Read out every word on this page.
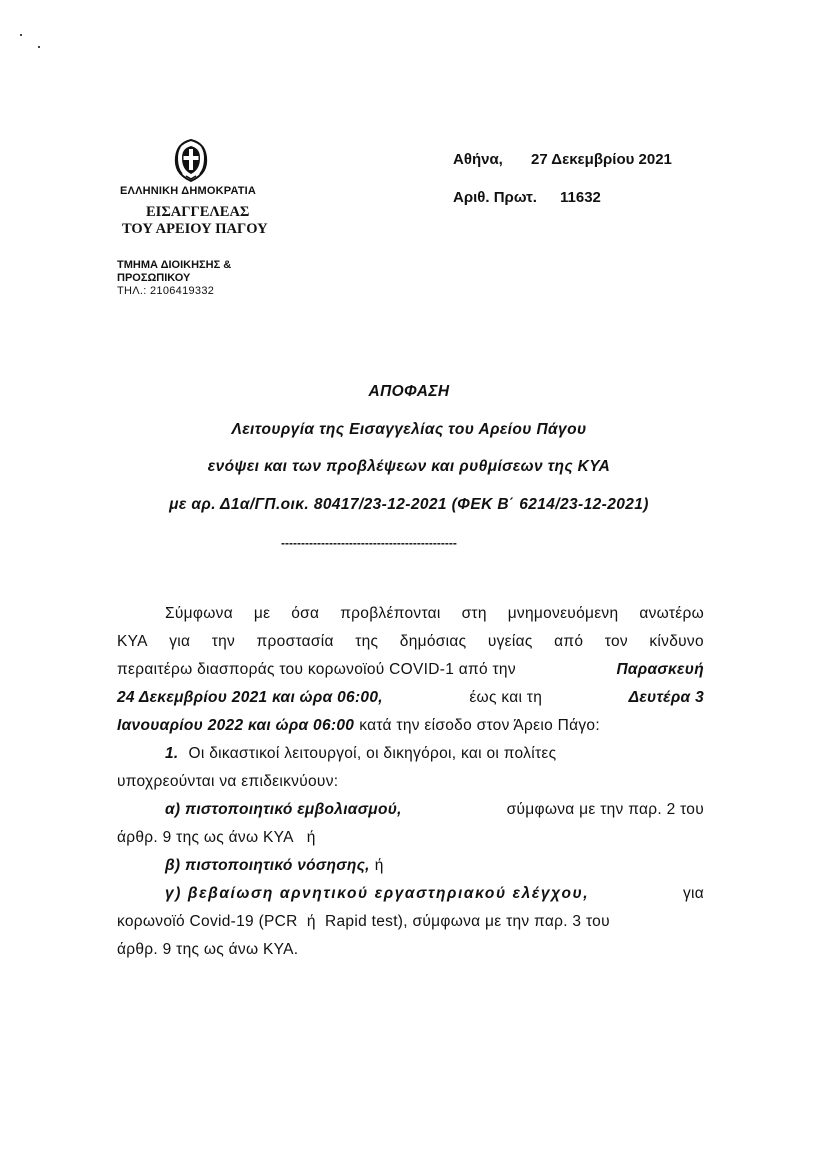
ΕΛΛΗΝΙΚΗ ΔΗΜΟΚΡΑΤΙΑ
ΕΙΣΑΓΓΕΛΕΑΣ
ΤΟΥ ΑΡΕΙΟΥ ΠΑΓΟΥ
ΤΜΗΜΑ ΔΙΟΙΚΗΣΗΣ &
ΠΡΟΣΩΠΙΚΟΥ
ΤΗΛ.: 2106419332
Αθήνα, 27 Δεκεμβρίου 2021
Αριθ. Πρωτ. 11632
ΑΠΟΦΑΣΗ
Λειτουργία της Εισαγγελίας του Αρείου Πάγου
ενόψει και των προβλέψεων και ρυθμίσεων της ΚΥΑ
με αρ. Δ1α/ΓΠ.οικ. 80417/23-12-2021 (ΦΕΚ Β΄ 6214/23-12-2021)
--------------------------------------------
Σύμφωνα με όσα προβλέπονται στη μνημονευόμενη ανωτέρω
ΚΥΑ για την προστασία της δημόσιας υγείας από τον κίνδυνο
περαιτέρω διασποράς του κορωνοϊού COVID-1 από την	Παρασκευή
24 Δεκεμβρίου 2021 και ώρα 06:00,	έως και τη	Δευτέρα 3
Ιανουαρίου 2022 και ώρα 06:00 κατά την είσοδο στον Άρειο Πάγο:
1. Οι δικαστικοί λειτουργοί, οι δικηγόροι, και οι πολίτες
υποχρεούνται να επιδεικνύουν:
α) πιστοποιητικό εμβολιασμού,	σύμφωνα με την παρ. 2 του
άρθρ. 9 της ως άνω ΚΥΑ   ή
β) πιστοποιητικό νόσησης, ή
γ) βεβαίωση αρνητικού εργαστηριακού ελέγχου,	για
κορωνοϊό Covid-19 (PCR  ή  Rapid test), σύμφωνα με την παρ. 3 του
άρθρ. 9 της ως άνω ΚΥΑ.
